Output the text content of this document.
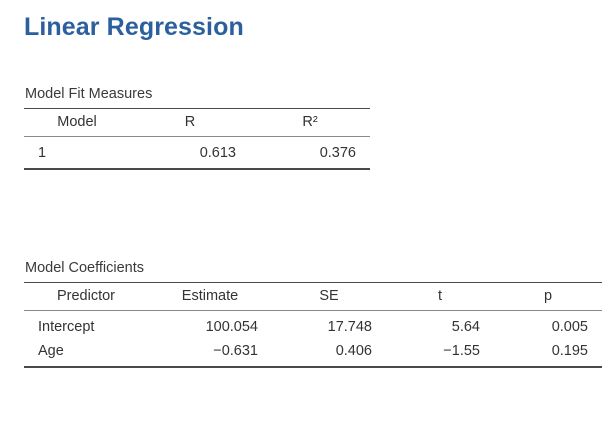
Linear Regression
Model Fit Measures
Model	R	R²
1	0.613	0.376
Model Coefficients
Predictor	Estimate	SE	t	p
Intercept	100.054	17.748	5.64	0.005
Age	−0.631	0.406	−1.55	0.195
